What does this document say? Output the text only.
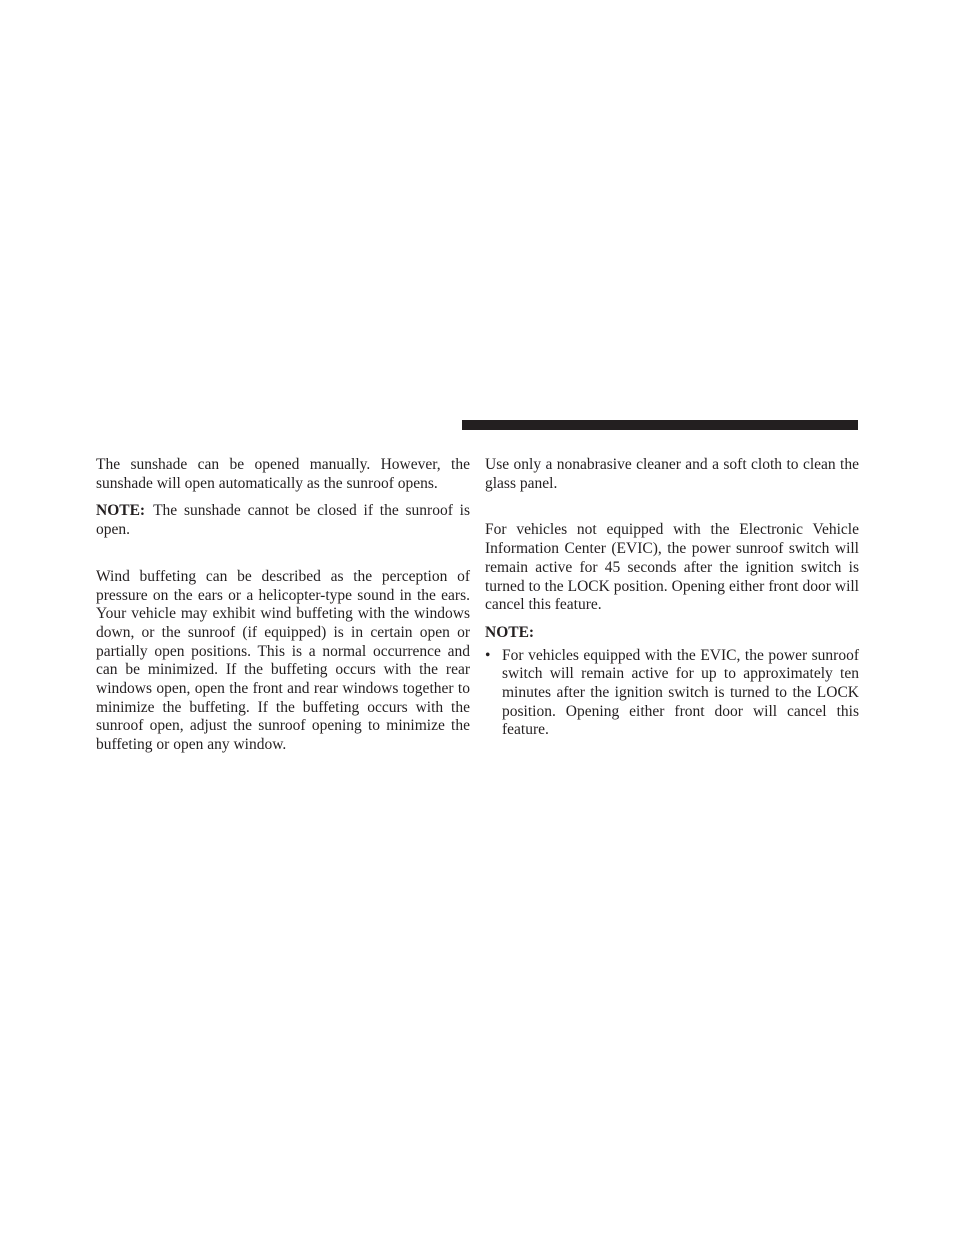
The sunshade can be opened manually. However, the sunshade will open automatically as the sunroof opens.

NOTE: The sunshade cannot be closed if the sunroof is open.

Wind buffeting can be described as the perception of pressure on the ears or a helicopter-type sound in the ears. Your vehicle may exhibit wind buffeting with the windows down, or the sunroof (if equipped) is in certain open or partially open positions. This is a normal occurrence and can be minimized. If the buffeting occurs with the rear windows open, open the front and rear windows together to minimize the buffeting. If the buffeting occurs with the sunroof open, adjust the sunroof opening to minimize the buffeting or open any window.

Use only a nonabrasive cleaner and a soft cloth to clean the glass panel.

For vehicles not equipped with the Electronic Vehicle Information Center (EVIC), the power sunroof switch will remain active for 45 seconds after the ignition switch is turned to the LOCK position. Opening either front door will cancel this feature.

NOTE:

• For vehicles equipped with the EVIC, the power sunroof switch will remain active for up to approximately ten minutes after the ignition switch is turned to the LOCK position. Opening either front door will cancel this feature.
